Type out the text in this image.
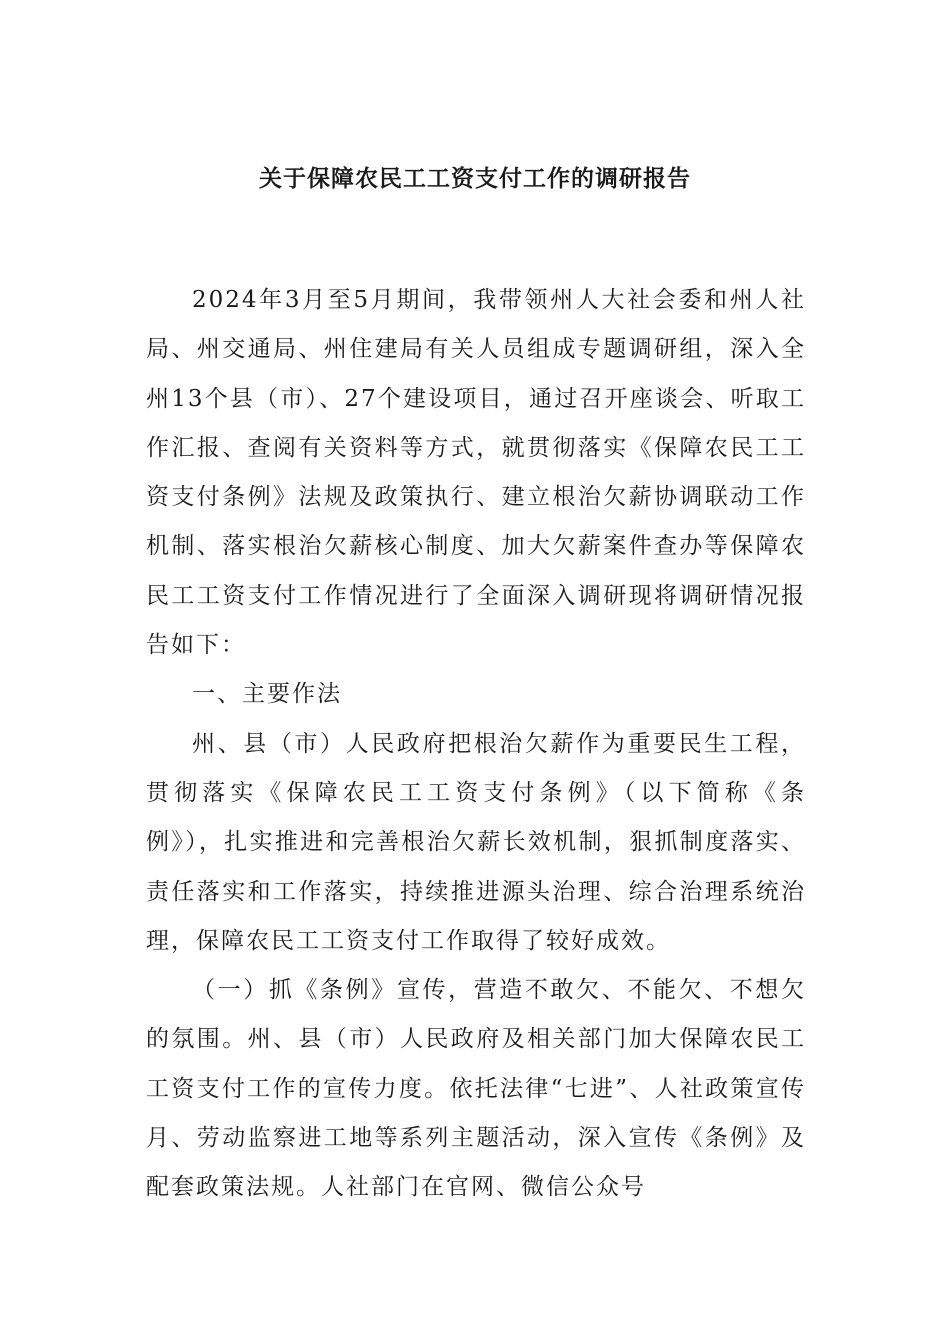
关于保障农民工工资支付工作的调研报告

2024年3月至5月期间，我带领州人大社会委和州人社局、州交通局、州住建局有关人员组成专题调研组，深入全州13个县（市）、27个建设项目，通过召开座谈会、听取工作汇报、查阅有关资料等方式，就贯彻落实《保障农民工工资支付条例》法规及政策执行、建立根治欠薪协调联动工作机制、落实根治欠薪核心制度、加大欠薪案件查办等保障农民工工资支付工作情况进行了全面深入调研现将调研情况报告如下：

一、主要作法

州、县（市）人民政府把根治欠薪作为重要民生工程，贯彻落实《保障农民工工资支付条例》（以下简称《条例》），扎实推进和完善根治欠薪长效机制，狠抓制度落实、责任落实和工作落实，持续推进源头治理、综合治理系统治理，保障农民工工资支付工作取得了较好成效。

（一）抓《条例》宣传，营造不敢欠、不能欠、不想欠的氛围。州、县（市）人民政府及相关部门加大保障农民工工资支付工作的宣传力度。依托法律“七进”、人社政策宣传月、劳动监察进工地等系列主题活动，深入宣传《条例》及配套政策法规。人社部门在官网、微信公众号
